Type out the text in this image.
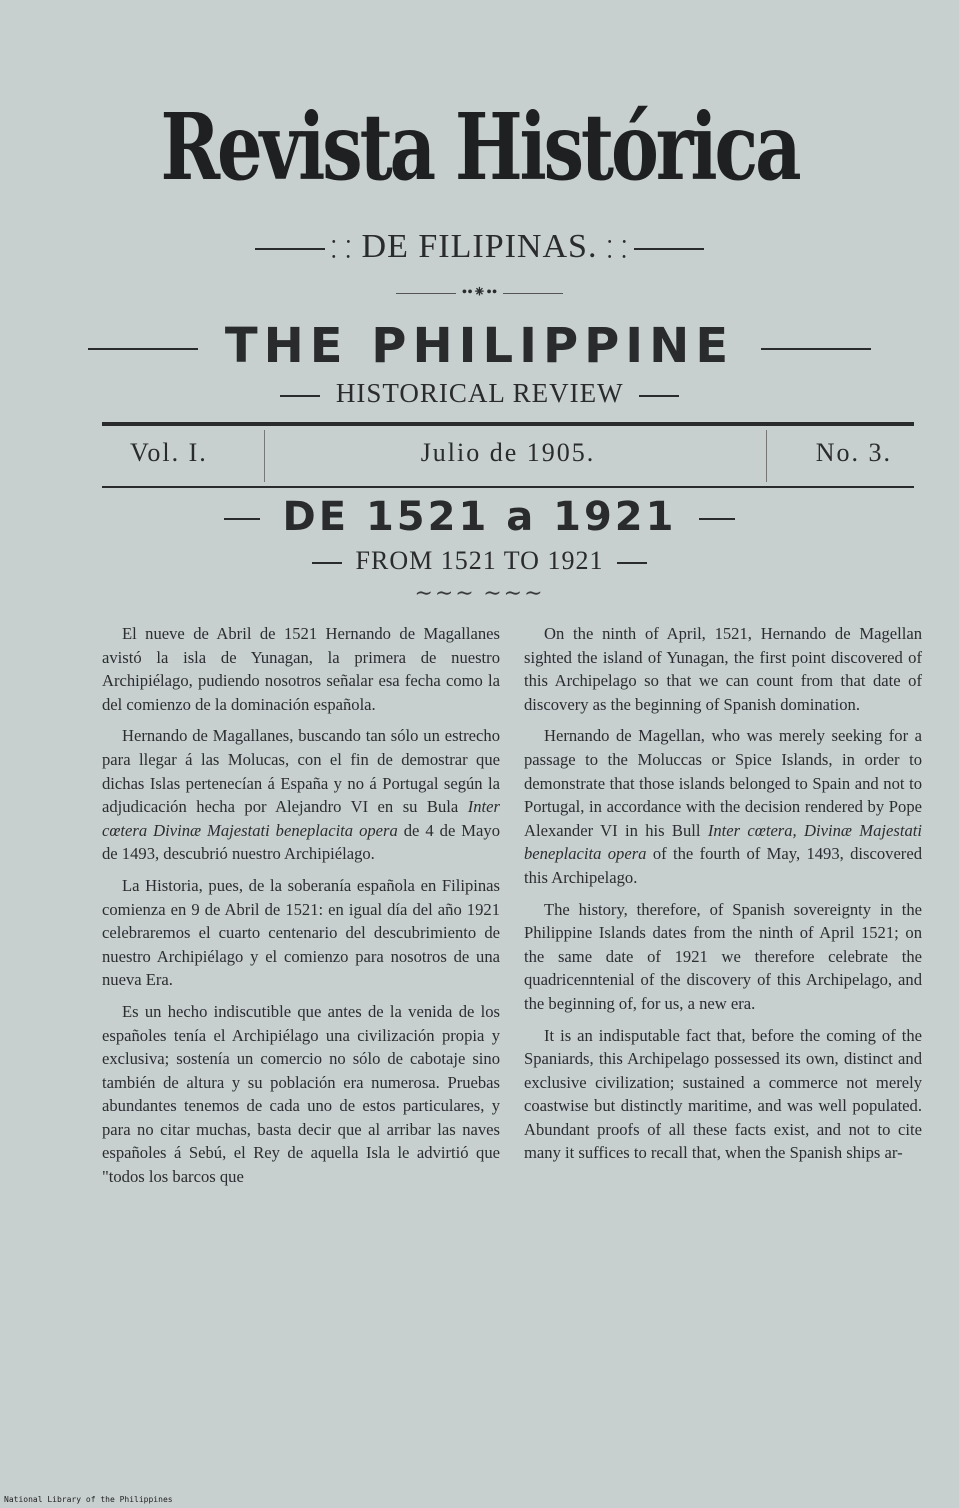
Revista Histórica
⸬ DE FILIPINAS. ⸬
••⁕••
THE PHILIPPINE
HISTORICAL REVIEW
Vol. I.	Julio de 1905.	No. 3.
DE 1521 a 1921
FROM 1521 TO 1921
∼∼∼ ∼∼∼

El nueve de Abril de 1521 Hernando de Magallanes avistó la isla de Yunagan, la primera de nuestro Archipiélago, pudiendo nosotros señalar esa fecha como la del comienzo de la dominación española.

Hernando de Magallanes, buscando tan sólo un estrecho para llegar á las Molucas, con el fin de demostrar que dichas Islas pertenecían á España y no á Portugal según la adjudicación hecha por Alejandro VI en su Bula Inter cœtera Divinæ Majestati beneplacita opera de 4 de Mayo de 1493, descubrió nuestro Archipiélago.

La Historia, pues, de la soberanía española en Filipinas comienza en 9 de Abril de 1521: en igual día del año 1921 celebraremos el cuarto centenario del descubrimiento de nuestro Archipiélago y el comienzo para nosotros de una nueva Era.

Es un hecho indiscutible que antes de la venida de los españoles tenía el Archipiélago una civilización propia y exclusiva; sostenía un comercio no sólo de cabotaje sino también de altura y su población era numerosa. Pruebas abundantes tenemos de cada uno de estos particulares, y para no citar muchas, basta decir que al arribar las naves españoles á Sebú, el Rey de aquella Isla le advirtió que "todos los barcos que

On the ninth of April, 1521, Hernando de Magellan sighted the island of Yunagan, the first point discovered of this Archipelago so that we can count from that date of discovery as the beginning of Spanish domination.

Hernando de Magellan, who was merely seeking for a passage to the Moluccas or Spice Islands, in order to demonstrate that those islands belonged to Spain and not to Portugal, in accordance with the decision rendered by Pope Alexander VI in his Bull Inter cœtera, Divinæ Majestati beneplacita opera of the fourth of May, 1493, discovered this Archipelago.

The history, therefore, of Spanish sovereignty in the Philippine Islands dates from the ninth of April 1521; on the same date of 1921 we therefore celebrate the quadricenntenial of the discovery of this Archipelago, and the beginning of, for us, a new era.

It is an indisputable fact that, before the coming of the Spaniards, this Archipelago possessed its own, distinct and exclusive civilization; sustained a commerce not merely coastwise but distinctly maritime, and was well populated. Abundant proofs of all these facts exist, and not to cite many it suffices to recall that, when the Spanish ships ar-

National Library of the Philippines
